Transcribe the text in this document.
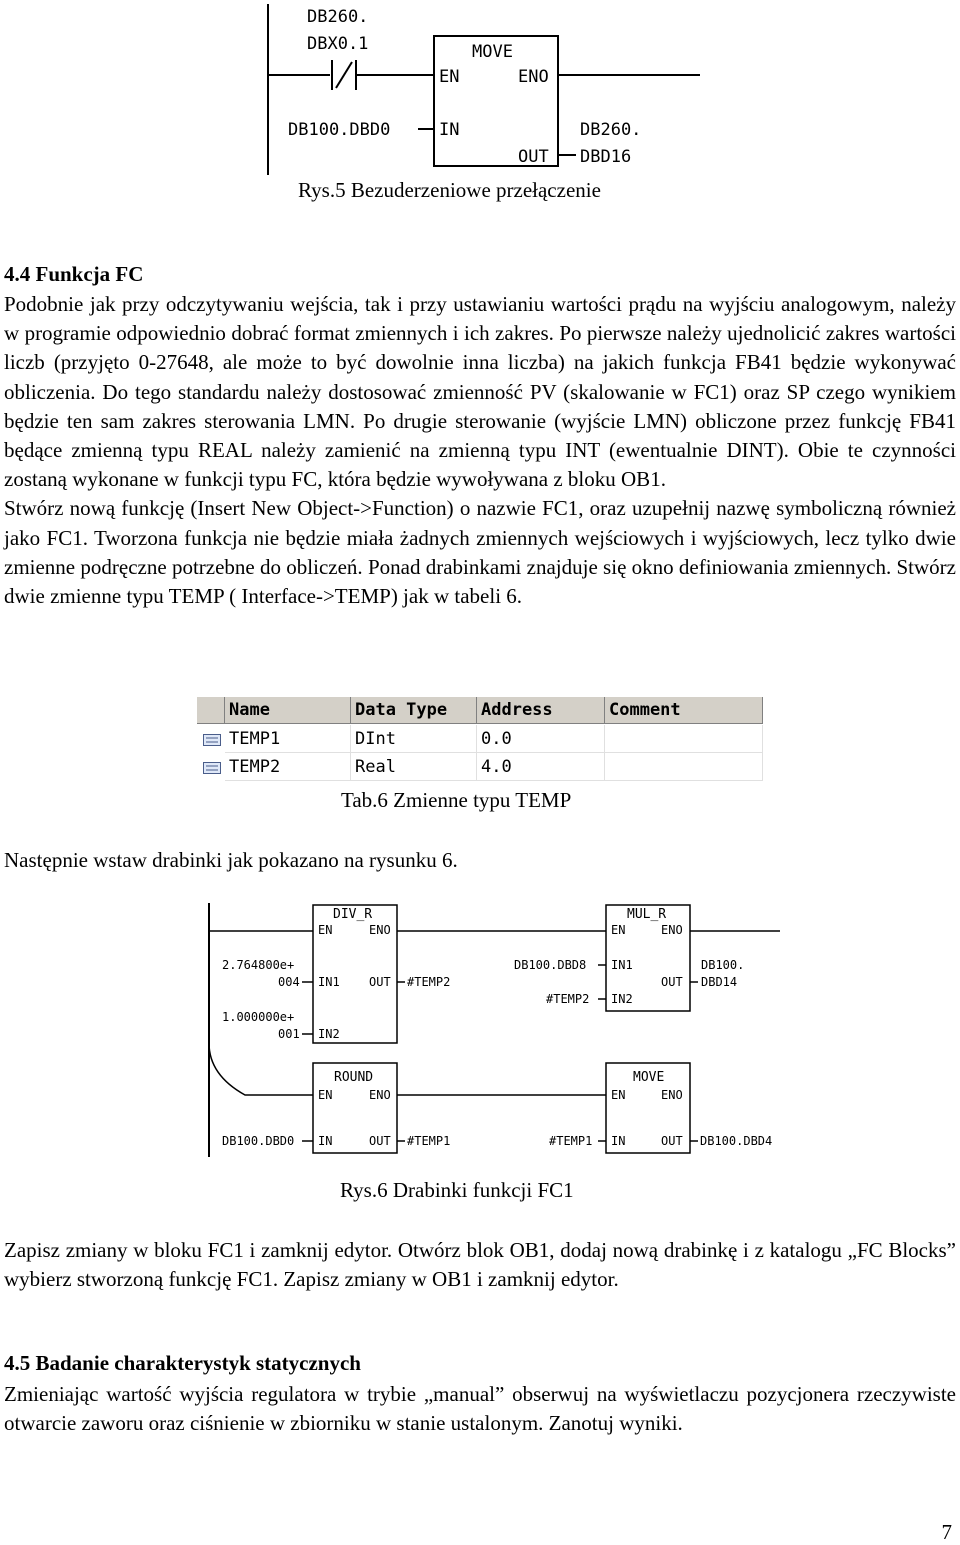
DB260.
DBX0.1	MOVE
EN	ENO
IN
OUT
DB100.DBD0	DB260.
DBD16
Rys.5 Bezuderzeniowe przełączenie
4.4 Funkcja FC

Podobnie jak przy odczytywaniu wejścia, tak i przy ustawianiu wartości prądu na wyjściu analogowym, należy w programie odpowiednio dobrać format zmiennych i ich zakres. Po pierwsze należy ujednolicić zakres wartości liczb (przyjęto 0-27648, ale może to być dowolnie inna liczba) na jakich funkcja FB41 będzie wykonywać obliczenia. Do tego standardu należy dostosować zmienność PV (skalowanie w FC1) oraz SP czego wynikiem będzie ten sam zakres sterowania LMN. Po drugie sterowanie (wyjście LMN) obliczone przez funkcję FB41 będące zmienną typu REAL należy zamienić na zmienną typu INT (ewentualnie DINT). Obie te czynności zostaną wykonane w funkcji typu FC, która będzie wywoływana z bloku OB1.

Stwórz nową funkcję (Insert New Object->Function) o nazwie FC1, oraz uzupełnij nazwę symboliczną również jako FC1. Tworzona funkcja nie będzie miała żadnych zmiennych wejściowych i wyjściowych, lecz tylko dwie zmienne podręczne potrzebne do obliczeń. Ponad drabinkami znajduje się okno definiowania zmiennych. Stwórz dwie zmienne typu TEMP ( Interface->TEMP) jak w tabeli 6.

Name	Data Type	Address	Comment
TEMP1	DInt	0.0
TEMP2	Real	4.0
Tab.6 Zmienne typu TEMP
Następnie wstaw drabinki jak pokazano na rysunku 6.
DIV_R
EN	ENO
IN1 OUT
IN2
2.764800e+
004
1.000000e+
001
#TEMP2
MUL_R
EN	ENO
IN1
OUT
IN2
DB100.DBD8
#TEMP2
DB100.
DBD14
ROUND
EN	ENO
IN	OUT
DB100.DBD0	#TEMP1
MOVE
EN	ENO
IN	OUT
#TEMP1	DB100.DBD4
Rys.6 Drabinki funkcji FC1
Zapisz zmiany w bloku FC1 i zamknij edytor. Otwórz blok OB1, dodaj nową drabinkę i z katalogu „FC Blocks” wybierz stworzoną funkcję FC1. Zapisz zmiany w OB1 i zamknij edytor.
4.5 Badanie charakterystyk statycznych
Zmieniając wartość wyjścia regulatora w trybie „manual” obserwuj na wyświetlaczu pozycjonera rzeczywiste otwarcie zaworu oraz ciśnienie w zbiorniku w stanie ustalonym. Zanotuj wyniki.
7
